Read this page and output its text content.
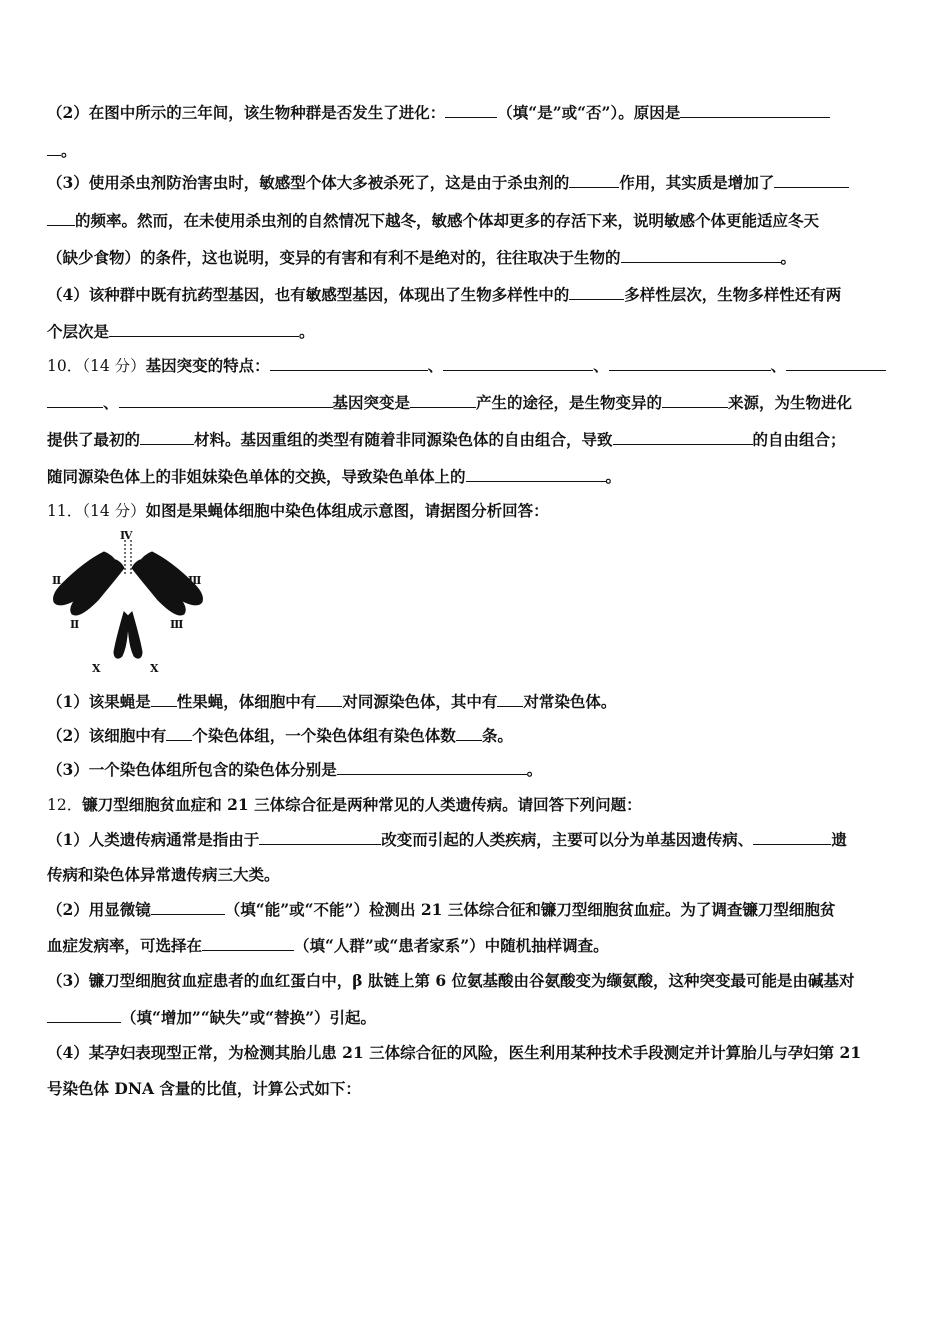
（2）在图中所示的三年间，该生物种群是否发生了进化：	（填“是”或“否”）。原因是
。
（3）使用杀虫剂防治害虫时，敏感型个体大多被杀死了，这是由于杀虫剂的	作用，其实质是增加了
的频率。然而，在未使用杀虫剂的自然情况下越冬，敏感个体却更多的存活下来，说明敏感个体更能适应冬天
（缺少食物）的条件，这也说明，变异的有害和有利不是绝对的，往往取决于生物的	。
（4）该种群中既有抗药型基因，也有敏感型基因，体现出了生物多样性中的	多样性层次，生物多样性还有两
个层次是	。
10．（14 分）基因突变的特点：	、	、	、
、	基因突变是	产生的途径，是生物变异的	来源，为生物进化
提供了最初的	材料。基因重组的类型有随着非同源染色体的自由组合，导致	的自由组合；
随同源染色体上的非姐妹染色单体的交换，导致染色单体上的	。
11．（14 分）如图是果蝇体细胞中染色体组成示意图，请据图分析回答：
Ⅳ
Ⅱ	Ⅲ
Ⅱ	Ⅲ
X	X
（1）该果蝇是 性果蝇，体细胞中有 对同源染色体，其中有 对常染色体。
（2）该细胞中有 个染色体组，一个染色体组有染色体数 条。
（3）一个染色体组所包含的染色体分别是	。
12．镰刀型细胞贫血症和 21 三体综合征是两种常见的人类遗传病。请回答下列问题：
（1）人类遗传病通常是指由于	改变而引起的人类疾病，主要可以分为单基因遗传病、	遗
传病和染色体异常遗传病三大类。
（2）用显微镜	（填“能”或“不能”）检测出 21 三体综合征和镰刀型细胞贫血症。为了调查镰刀型细胞贫
血症发病率，可选择在	（填“人群”或“患者家系”）中随机抽样调查。
（3）镰刀型细胞贫血症患者的血红蛋白中，β 肽链上第 6 位氨基酸由谷氨酸变为缬氨酸，这种突变最可能是由碱基对
（填“增加”“缺失”或“替换”）引起。
（4）某孕妇表现型正常，为检测其胎儿患 21 三体综合征的风险，医生利用某种技术手段测定并计算胎儿与孕妇第 21
号染色体 DNA 含量的比值，计算公式如下：
